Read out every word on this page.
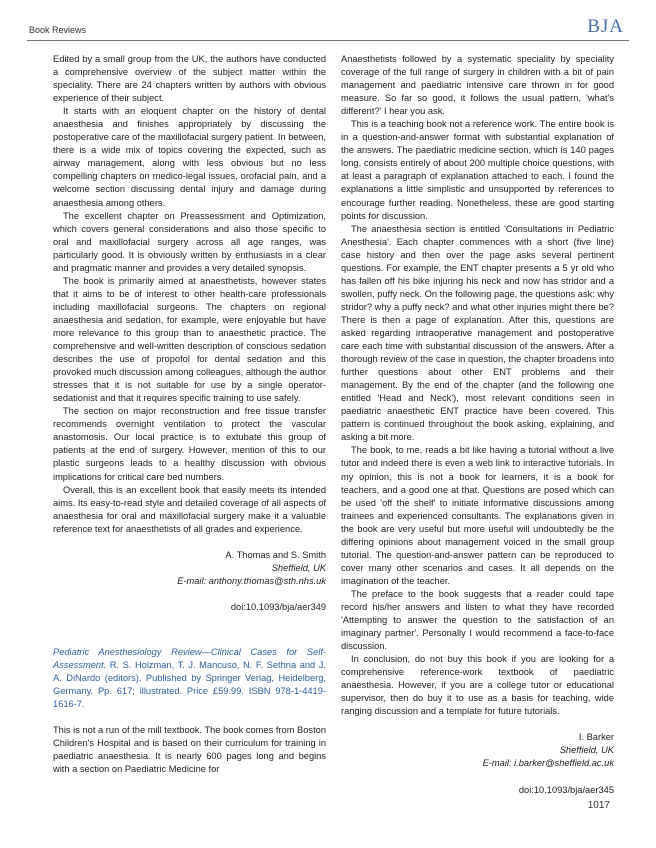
Book Reviews	BJA

Edited by a small group from the UK, the authors have conducted a comprehensive overview of the subject matter within the speciality. There are 24 chapters written by authors with obvious experience of their subject.

It starts with an eloquent chapter on the history of dental anaesthesia and finishes appropriately by discussing the postoperative care of the maxillofacial surgery patient. In between, there is a wide mix of topics covering the expected, such as airway management, along with less obvious but no less compelling chapters on medico-legal issues, orofacial pain, and a welcome section discussing dental injury and damage during anaesthesia among others.

The excellent chapter on Preassessment and Optimization, which covers general considerations and also those specific to oral and maxillofacial surgery across all age ranges, was particularly good. It is obviously written by enthusiasts in a clear and pragmatic manner and provides a very detailed synopsis.

The book is primarily aimed at anaesthetists, however states that it aims to be of interest to other health-care professionals including maxillofacial surgeons. The chapters on regional anaesthesia and sedation, for example, were enjoyable but have more relevance to this group than to anaesthetic practice. The comprehensive and well-written description of conscious sedation describes the use of propofol for dental sedation and this provoked much discussion among colleagues, although the author stresses that it is not suitable for use by a single operator-sedationist and that it requires specific training to use safely.

The section on major reconstruction and free tissue transfer recommends overnight ventilation to protect the vascular anastomosis. Our local practice is to extubate this group of patients at the end of surgery. However, mention of this to our plastic surgeons leads to a healthy discussion with obvious implications for critical care bed numbers.

Overall, this is an excellent book that easily meets its intended aims. Its easy-to-read style and detailed coverage of all aspects of anaesthesia for oral and maxillofacial surgery make it a valuable reference text for anaesthetists of all grades and experience.

A. Thomas and S. Smith
Sheffield, UK
E-mail: anthony.thomas@sth.nhs.uk

doi:10.1093/bja/aer349

Pediatric Anesthesiology Review—Clinical Cases for Self-Assessment. R. S. Holzman, T. J. Mancuso, N. F. Sethna and J. A. DiNardo (editors). Published by Springer Verlag, Heidelberg, Germany. Pp. 617; illustrated. Price £59.99. ISBN 978-1-4419-1616-7.

This is not a run of the mill textbook. The book comes from Boston Children's Hospital and is based on their curriculum for training in paediatric anaesthesia. It is nearly 600 pages long and begins with a section on Paediatric Medicine for

Anaesthetists followed by a systematic speciality by speciality coverage of the full range of surgery in children with a bit of pain management and paediatric intensive care thrown in for good measure. So far so good, it follows the usual pattern, 'what's different?' I hear you ask.

This is a teaching book not a reference work. The entire book is in a question-and-answer format with substantial explanation of the answers. The paediatric medicine section, which is 140 pages long, consists entirely of about 200 multiple choice questions, with at least a paragraph of explanation attached to each. I found the explanations a little simplistic and unsupported by references to encourage further reading. Nonetheless, these are good starting points for discussion.

The anaesthesia section is entitled 'Consultations in Pediatric Anesthesia'. Each chapter commences with a short (five line) case history and then over the page asks several pertinent questions. For example, the ENT chapter presents a 5 yr old who has fallen off his bike injuring his neck and now has stridor and a swollen, puffy neck. On the following page, the questions ask: why stridor? why a puffy neck? and what other injuries might there be? There is then a page of explanation. After this, questions are asked regarding intraoperative management and postoperative care each time with substantial discussion of the answers. After a thorough review of the case in question, the chapter broadens into further questions about other ENT problems and their management. By the end of the chapter (and the following one entitled 'Head and Neck'), most relevant conditions seen in paediatric anaesthetic ENT practice have been covered. This pattern is continued throughout the book asking, explaining, and asking a bit more.

The book, to me, reads a bit like having a tutorial without a live tutor and indeed there is even a web link to interactive tutorials. In my opinion, this is not a book for learners, it is a book for teachers, and a good one at that. Questions are posed which can be used 'off the shelf' to initiate informative discussions among trainees and experienced consultants. The explanations given in the book are very useful but more useful will undoubtedly be the differing opinions about management voiced in the small group tutorial. The question-and-answer pattern can be reproduced to cover many other scenarios and cases. It all depends on the imagination of the teacher.

The preface to the book suggests that a reader could tape record his/her answers and listen to what they have recorded 'Attempting to answer the question to the satisfaction of an imaginary partner'. Personally I would recommend a face-to-face discussion.

In conclusion, do not buy this book if you are looking for a comprehensive reference-work textbook of paediatric anaesthesia. However, if you are a college tutor or educational supervisor, then do buy it to use as a basis for teaching, wide ranging discussion and a template for future tutorials.

I. Barker
Sheffield, UK
E-mail: i.barker@sheffield.ac.uk

doi:10.1093/bja/aer345

1017
